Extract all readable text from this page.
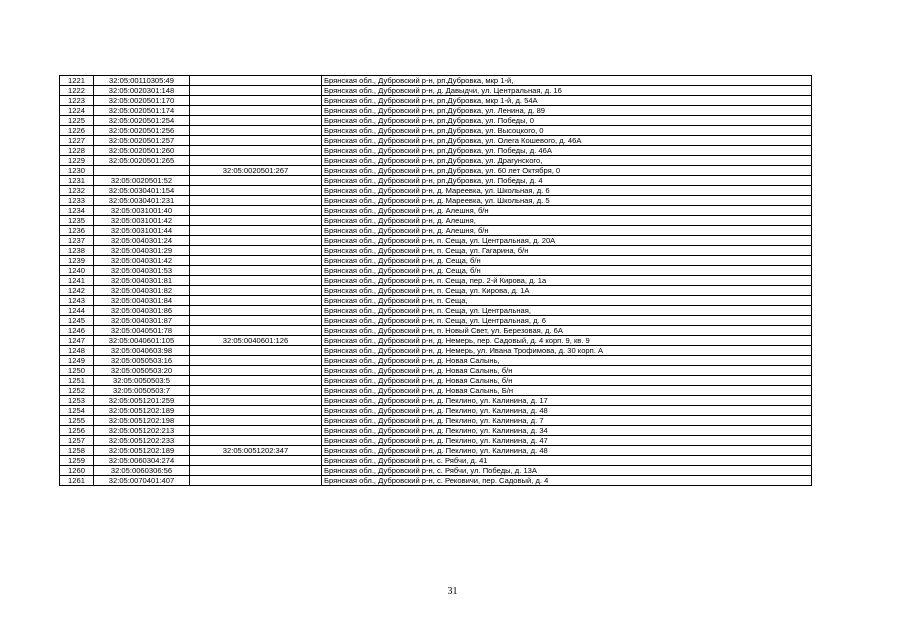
1221	32:05:0011030​5:49		Брянская обл., Дубровский р-н, рп.Дубровка, мкр 1-й,
1222	32:05:0020301:148		Брянская обл., Дубровский р-н, д. Давыдчи, ул. Центральная, д. 16
1223	32:05:0020501:170		Брянская обл., Дубровский р-н, рп.Дубровка, мкр 1-й, д. 54А
1224	32:05:0020501:174		Брянская обл., Дубровский р-н, рп.Дубровка, ул. Ленина, д. 89
1225	32:05:0020501:254		Брянская обл., Дубровский р-н, рп.Дубровка, ул. Победы, 0
1226	32:05:0020501:256		Брянская обл., Дубровский р-н, рп.Дубровка, ул. Высоцкого, 0
1227	32:05:0020501:257		Брянская обл., Дубровский р-н, рп.Дубровка, ул. Олега Кошевого, д. 46А
1228	32:05:0020501:260		Брянская обл., Дубровский р-н, рп.Дубровка, ул. Победы, д. 46А
1229	32:05:0020501:265		Брянская обл., Дубровский р-н, рп.Дубровка, ул. Драгунского,
1230		32:05:0020501:267	Брянская обл., Дубровский р-н, рп.Дубровка, ул. 60 лет Октября, 0
1231	32:05:0020501:52		Брянская обл., Дубровский р-н, рп.Дубровка, ул. Победы, д. 4
1232	32:05:0030401:154		Брянская обл., Дубровский р-н, д. Мареевка, ул. Школьная, д. 6
1233	32:05:0030401:231		Брянская обл., Дубровский р-н, д. Мареевка, ул. Школьная, д. 5
1234	32:05:0031001:40		Брянская обл., Дубровский р-н, д. Алешня, б/н
1235	32:05:0031001:42		Брянская обл., Дубровский р-н, д. Алешня,
1236	32:05:0031001:44		Брянская обл., Дубровский р-н, д. Алешня, б/н
1237	32:05:0040301:24		Брянская обл., Дубровский р-н, п. Сеща, ул. Центральная, д. 20А
1238	32:05:0040301:29		Брянская обл., Дубровский р-н, п. Сеща, ул. Гагарина, б/н
1239	32:05:0040301:42		Брянская обл., Дубровский р-н, д. Сеща, б/н
1240	32:05:0040301:53		Брянская обл., Дубровский р-н, д. Сеща, б/н
1241	32:05:0040301:81		Брянская обл., Дубровский р-н, п. Сеща, пер. 2-й Кирова, д. 1а
1242	32:05:0040301:82		Брянская обл., Дубровский р-н, п. Сеща, ул. Кирова, д. 1А
1243	32:05:0040301:84		Брянская обл., Дубровский р-н, п. Сеща,
1244	32:05:0040301:86		Брянская обл., Дубровский р-н, п. Сеща, ул. Центральная,
1245	32:05:0040301:87		Брянская обл., Дубровский р-н, п. Сеща, ул. Центральная, д. 6
1246	32:05:0040501:78		Брянская обл., Дубровский р-н, п. Новый Свет, ул. Березовая, д. 6А
1247	32:05:0040601:105	32:05:0040601:126	Брянская обл., Дубровский р-н, д. Немерь, пер. Садовый, д. 4 корп. 9, кв. 9
1248	32:05:0040603:98		Брянская обл., Дубровский р-н, д. Немерь, ул. Ивана Трофимова, д. 30 корп. А
1249	32:05:0050503:16		Брянская обл., Дубровский р-н, д. Новая Салынь,
1250	32:05:0050503:20		Брянская обл., Дубровский р-н, д. Новая Салынь, б/н
1251	32:05:0050503:5		Брянская обл., Дубровский р-н, д. Новая Салынь, б/н
1252	32:05:0050503:7		Брянская обл., Дубровский р-н, д. Новая Салынь, Б/н
1253	32:05:0051201:259		Брянская обл., Дубровский р-н, д. Пеклино, ул. Калинина, д. 17
1254	32:05:0051202:189		Брянская обл., Дубровский р-н, д. Пеклино, ул. Калинина, д. 48
1255	32:05:0051202:198		Брянская обл., Дубровский р-н, д. Пеклино, ул. Калинина, д. 7
1256	32:05:0051202:213		Брянская обл., Дубровский р-н, д. Пеклино, ул. Калинина, д. 34
1257	32:05:0051202:233		Брянская обл., Дубровский р-н, д. Пеклино, ул. Калинина, д. 47
1258	32:05:0051202:189	32:05:0051202:347	Брянская обл., Дубровский р-н, д. Пеклино, ул. Калинина, д. 48
1259	32:05:0060304:274		Брянская обл., Дубровский р-н, с. Рябчи, д. 41
1260	32:05:0060306:56		Брянская обл., Дубровский р-н, с. Рябчи, ул. Победы, д. 13А
1261	32:05:0070401:407		Брянская обл., Дубровский р-н, с. Рековичи, пер. Садовый, д. 4
31
